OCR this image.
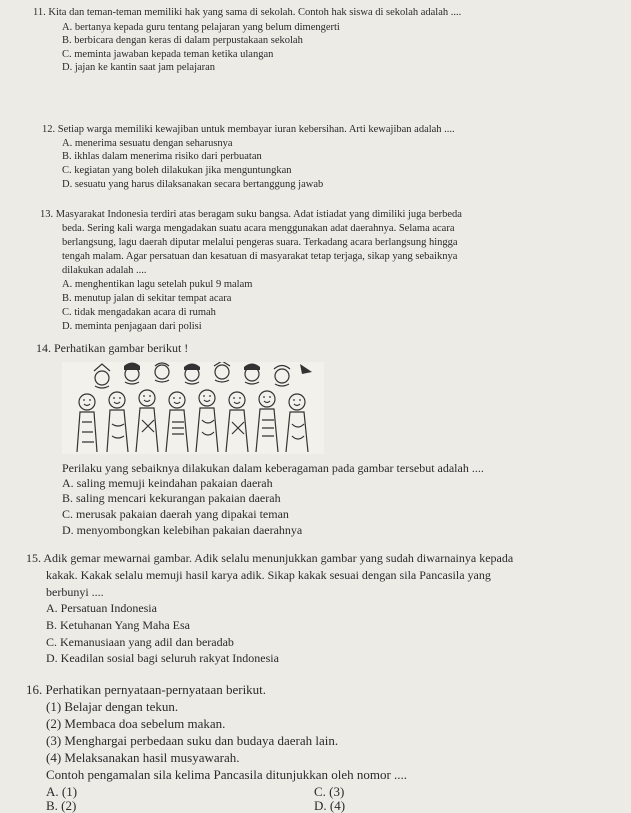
11. Kita dan teman-teman memiliki hak yang sama di sekolah. Contoh hak siswa di sekolah adalah ....
A. bertanya kepada guru tentang pelajaran yang belum dimengerti
B. berbicara dengan keras di dalam perpustakaan sekolah
C. meminta jawaban kepada teman ketika ulangan
D. jajan ke kantin saat jam pelajaran
12. Setiap warga memiliki kewajiban untuk membayar iuran kebersihan. Arti kewajiban adalah ....
A. menerima sesuatu dengan seharusnya
B. ikhlas dalam menerima risiko dari perbuatan
C. kegiatan yang boleh dilakukan jika menguntungkan
D. sesuatu yang harus dilaksanakan secara bertanggung jawab
13. Masyarakat Indonesia terdiri atas beragam suku bangsa. Adat istiadat yang dimiliki juga berbeda
beda. Sering kali warga mengadakan suatu acara menggunakan adat daerahnya. Selama acara
berlangsung, lagu daerah diputar melalui pengeras suara. Terkadang acara berlangsung hingga
tengah malam. Agar persatuan dan kesatuan di masyarakat tetap terjaga, sikap yang sebaiknya
dilakukan adalah ....
A. menghentikan lagu setelah pukul 9 malam
B. menutup jalan di sekitar tempat acara
C. tidak mengadakan acara di rumah
D. meminta penjagaan dari polisi
14. Perhatikan gambar berikut !
Perilaku yang sebaiknya dilakukan dalam keberagaman pada gambar tersebut adalah ....
A. saling memuji keindahan pakaian daerah
B. saling mencari kekurangan pakaian daerah
C. merusak pakaian daerah yang dipakai teman
D. menyombongkan kelebihan pakaian daerahnya
15. Adik gemar mewarnai gambar. Adik selalu menunjukkan gambar yang sudah diwarnainya kepada
kakak. Kakak selalu memuji hasil karya adik. Sikap kakak sesuai dengan sila Pancasila yang
berbunyi ....
A. Persatuan Indonesia
B. Ketuhanan Yang Maha Esa
C. Kemanusiaan yang adil dan beradab
D. Keadilan sosial bagi seluruh rakyat Indonesia
16. Perhatikan pernyataan-pernyataan berikut.
(1) Belajar dengan tekun.
(2) Membaca doa sebelum makan.
(3) Menghargai perbedaan suku dan budaya daerah lain.
(4) Melaksanakan hasil musyawarah.
Contoh pengamalan sila kelima Pancasila ditunjukkan oleh nomor ....
A. (1)	C. (3)
B. (2)	D. (4)
